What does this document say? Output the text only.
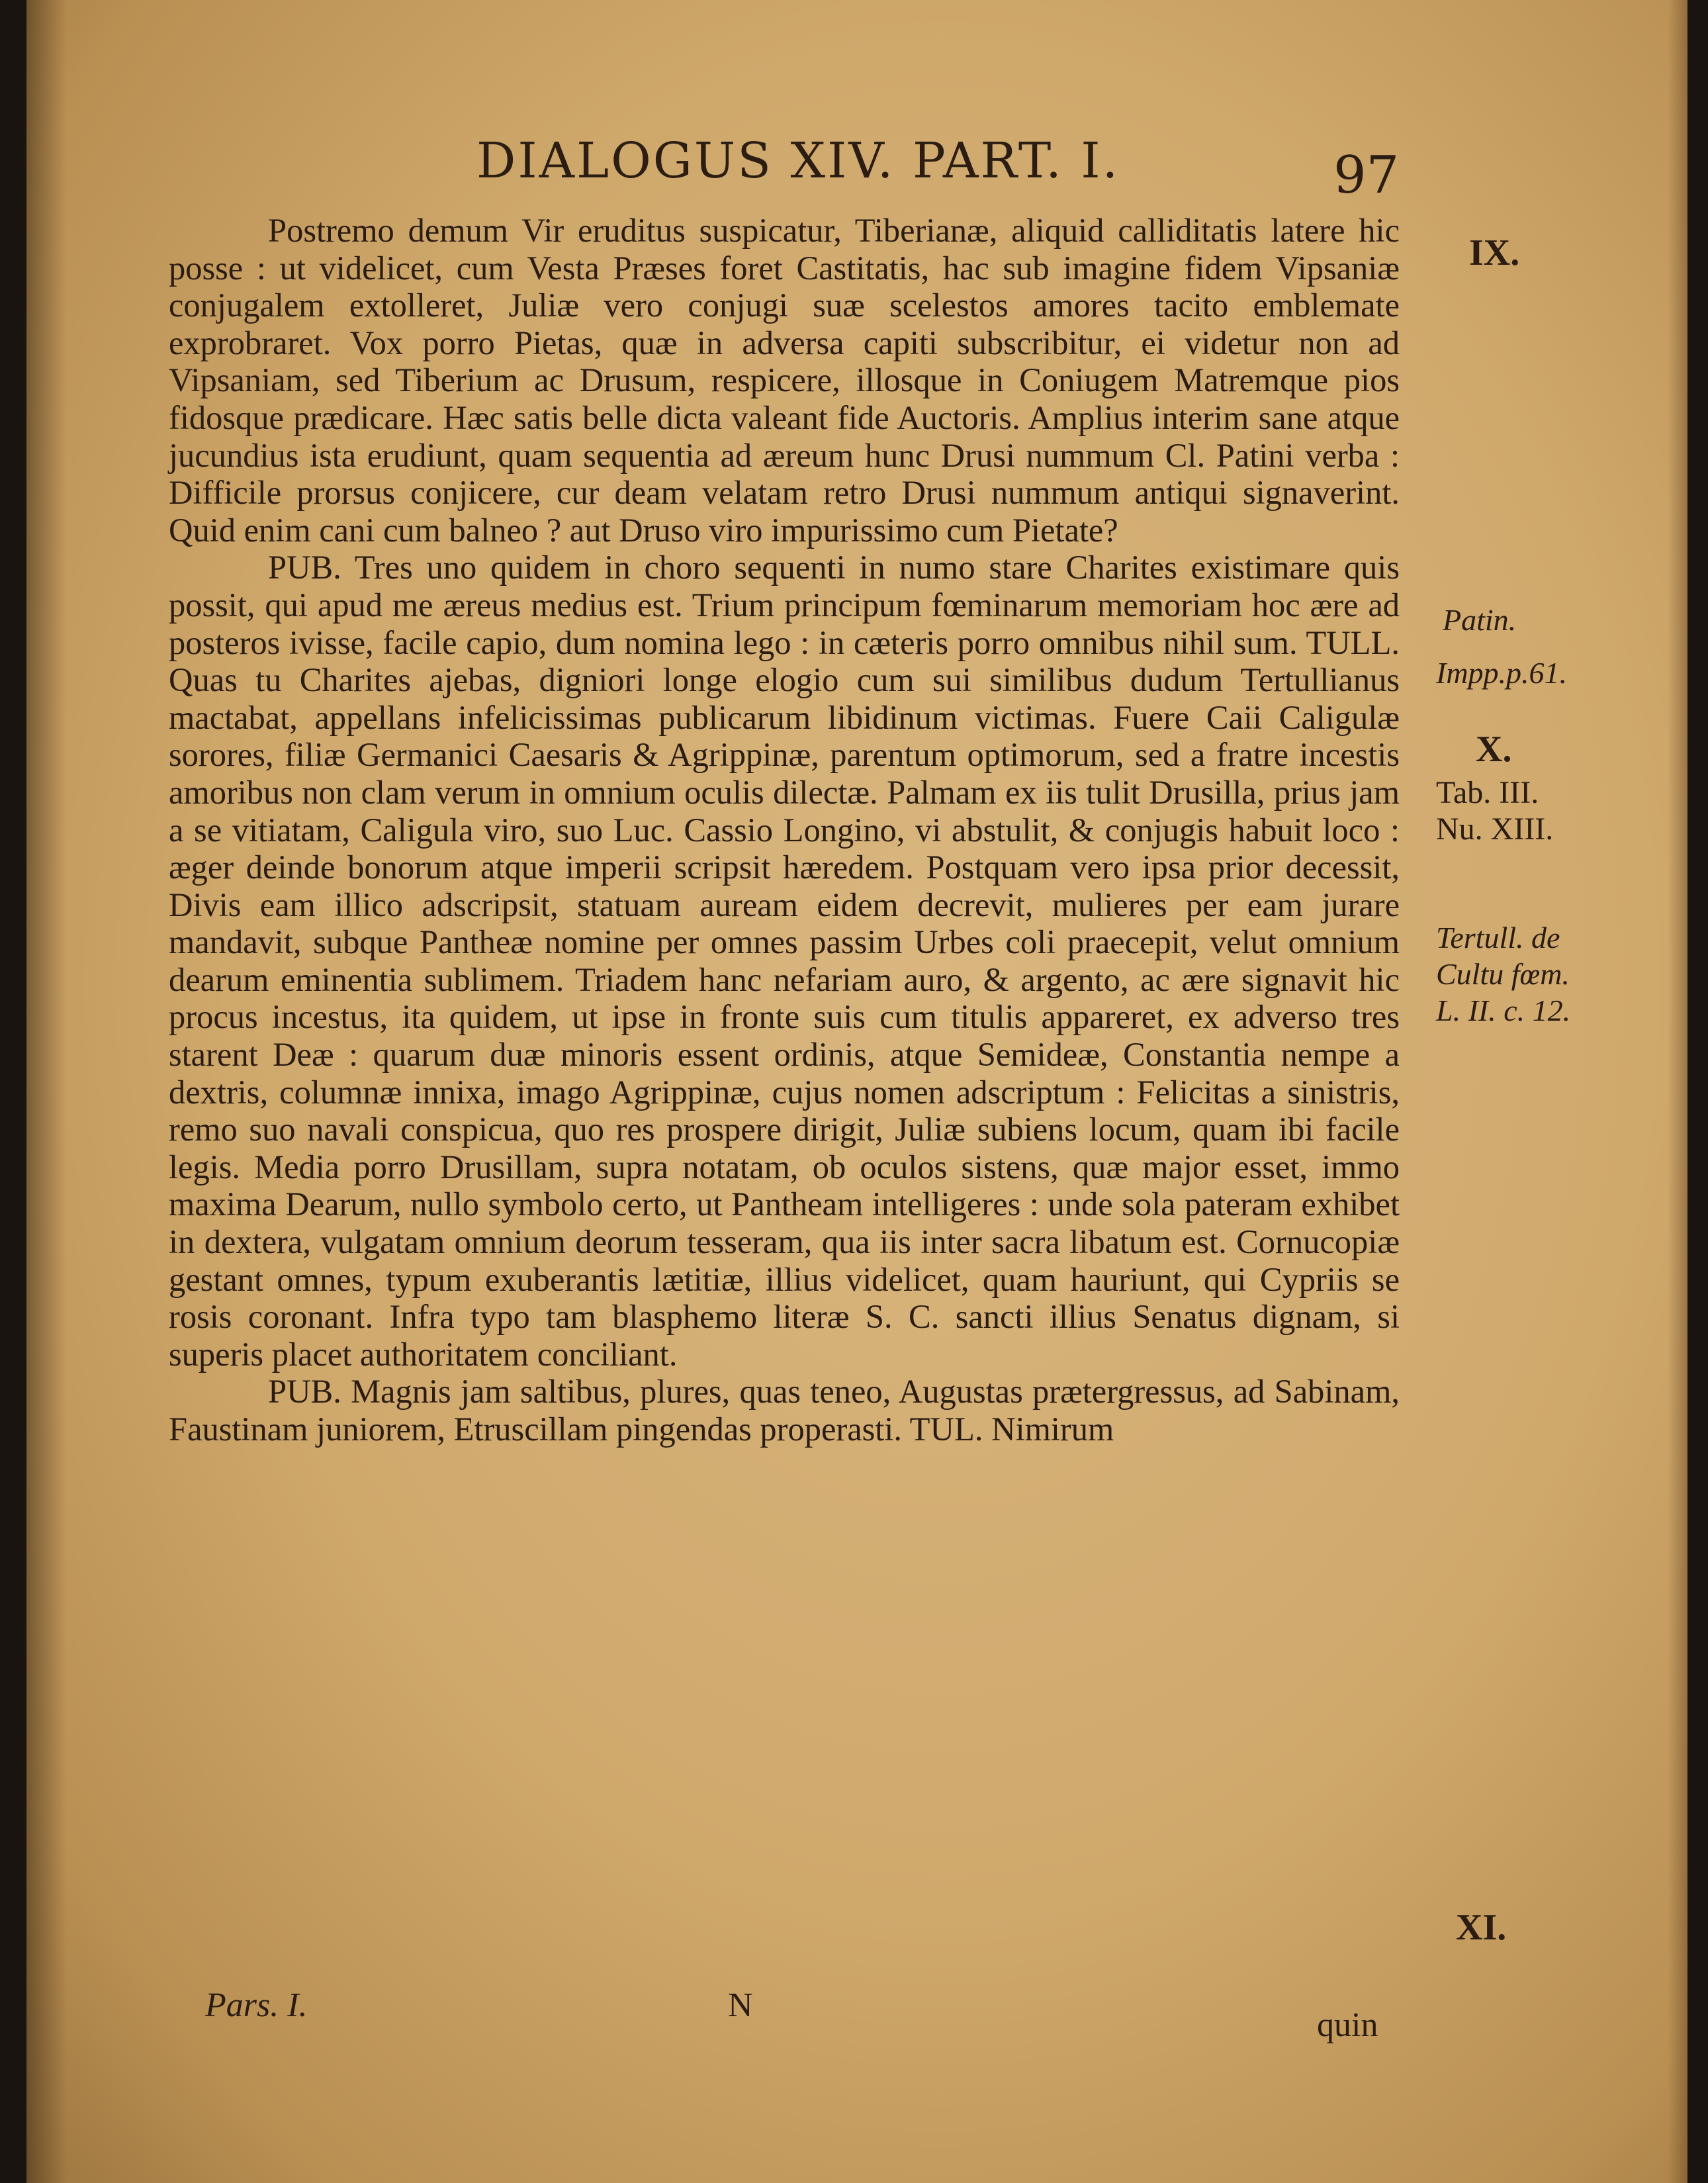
DIALOGUS XIV. PART. I.	97

Postremo demum Vir eruditus suspicatur, Tiberianæ, aliquid calliditatis latere hic posse : ut videlicet, cum Vesta Præses foret Castitatis, hac sub imagine fidem Vipsaniæ conjugalem extolleret, Juliæ vero conjugi suæ scelestos amores tacito emblemate exprobraret. Vox porro Pietas, quæ in adversa capiti subscribitur, ei videtur non ad Vipsaniam, sed Tiberium ac Drusum, respicere, illosque in Coniugem Matremque pios fidosque prædicare. Hæc satis belle dicta valeant fide Auctoris. Amplius interim sane atque jucundius ista erudiunt, quam sequentia ad æreum hunc Drusi nummum Cl. Patini verba : Difficile prorsus conjicere, cur deam velatam retro Drusi nummum antiqui signaverint. Quid enim cani cum balneo ? aut Druso viro impurissimo cum Pietate?

PUB. Tres uno quidem in choro sequenti in numo stare Charites existimare quis possit, qui apud me æreus medius est. Trium principum fœminarum memoriam hoc ære ad posteros ivisse, facile capio, dum nomina lego : in cæteris porro omnibus nihil sum. TULL. Quas tu Charites ajebas, digniori longe elogio cum sui similibus dudum Tertullianus mactabat, appellans infelicissimas publicarum libidinum victimas. Fuere Caii Caligulæ sorores, filiæ Germanici Caesaris & Agrippinæ, parentum optimorum, sed a fratre incestis amoribus non clam verum in omnium oculis dilectæ. Palmam ex iis tulit Drusilla, prius jam a se vitiatam, Caligula viro, suo Luc. Cassio Longino, vi abstulit, & conjugis habuit loco : æger deinde bonorum atque imperii scripsit hæredem. Postquam vero ipsa prior decessit, Divis eam illico adscripsit, statuam auream eidem decrevit, mulieres per eam jurare mandavit, subque Pantheæ nomine per omnes passim Urbes coli praecepit, velut omnium dearum eminentia sublimem. Triadem hanc nefariam auro, & argento, ac ære signavit hic procus incestus, ita quidem, ut ipse in fronte suis cum titulis appareret, ex adverso tres starent Deæ : quarum duæ minoris essent ordinis, atque Semideæ, Constantia nempe a dextris, columnæ innixa, imago Agrippinæ, cujus nomen adscriptum : Felicitas a sinistris, remo suo navali conspicua, quo res prospere dirigit, Juliæ subiens locum, quam ibi facile legis. Media porro Drusillam, supra notatam, ob oculos sistens, quæ major esset, immo maxima Dearum, nullo symbolo certo, ut Pantheam intelligeres : unde sola pateram exhibet in dextera, vulgatam omnium deorum tesseram, qua iis inter sacra libatum est. Cornucopiæ gestant omnes, typum exuberantis lætitiæ, illius videlicet, quam hauriunt, qui Cypriis se rosis coronant. Infra typo tam blasphemo literæ S. C. sancti illius Senatus dignam, si superis placet authoritatem conciliant.

PUB. Magnis jam saltibus, plures, quas teneo, Augustas prætergressus, ad Sabinam, Faustinam juniorem, Etruscillam pingendas properasti. TUL. Nimirum

IX.
Patin.
Impp.p.61.
X.
Tab. III.
Nu. XIII.
Tertull. de
Cultu fœm.
L. II. c. 12.
XI.
Pars. I.	N
quin
